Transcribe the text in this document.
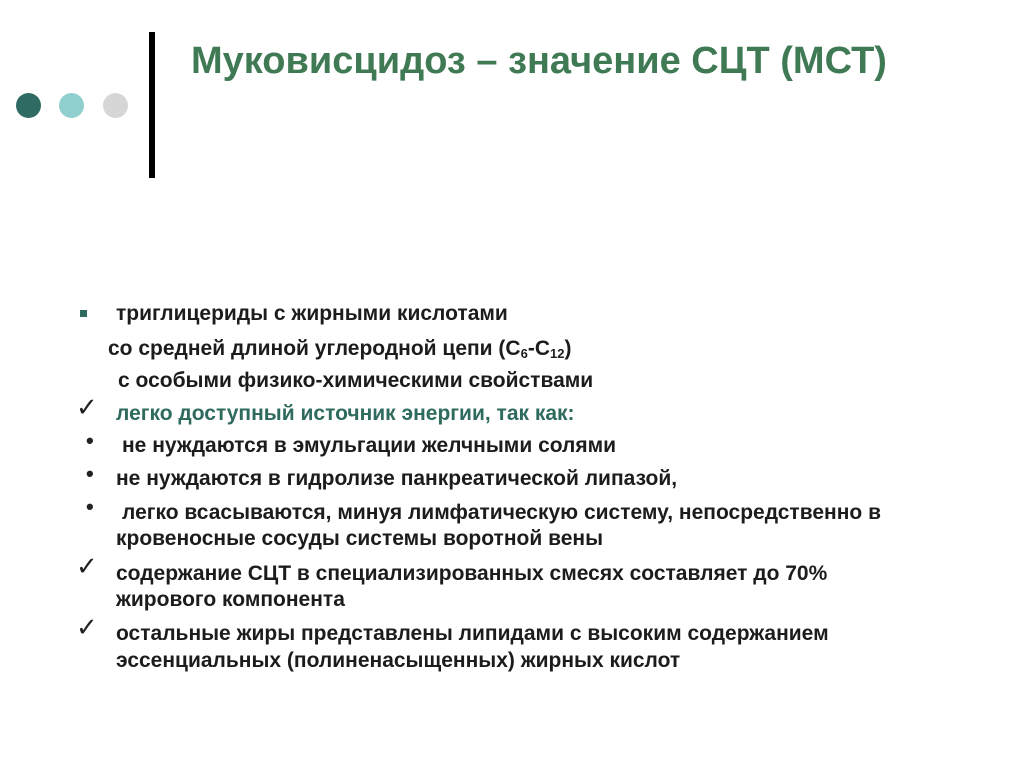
Муковисцидоз – значение СЦТ (МСТ)
триглицериды с жирными кислотами
со средней длиной углеродной цепи $(С_6-С_{12})$
с особыми физико-химическими свойствами
✓ легко доступный источник энергии, так как:
• не нуждаются в эмульгации желчными солями
• не нуждаются в гидролизе панкреатической липазой,
• легко всасываются, минуя лимфатическую систему, непосредственно в
кровеносные сосуды системы воротной вены
✓ содержание СЦТ в специализированных смесях составляет до 70%
жирового компонента
✓ остальные жиры представлены липидами с высоким содержанием
эссенциальных (полиненасыщенных) жирных кислот
